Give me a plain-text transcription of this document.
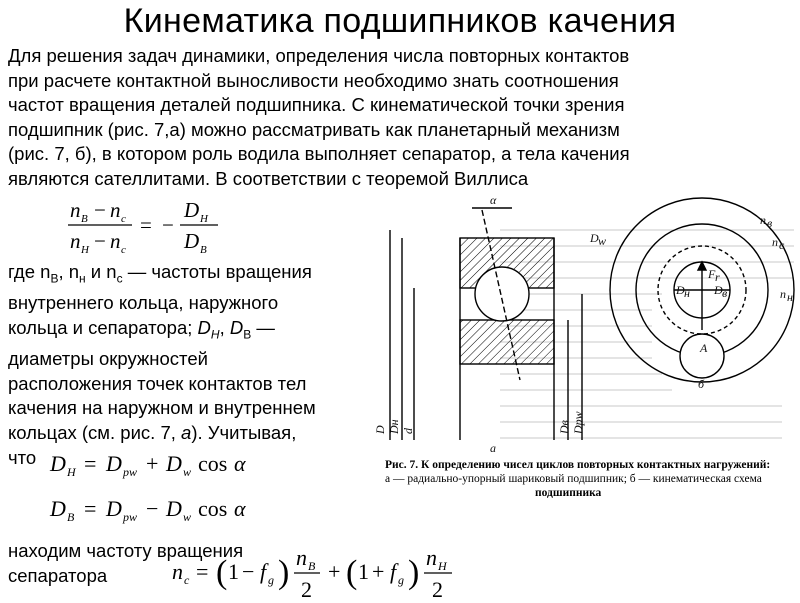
Кинематика подшипников качения
Для решения задач динамики, определения числа повторных контактов
при расчете контактной выносливости необходимо знать соотношения
частот вращения деталей подшипника. С кинематической точки зрения
подшипник (рис. 7,а) можно рассматривать как планетарный механизм
(рис. 7, б), в котором роль водила выполняет сепаратор, а тела качения
являются сателлитами. В соответствии с теоремой Виллиса
n B − n c
n H − n c
= −
D H
D B
где $n_B$, $n_н$ и $n_c$ — частоты вращения
внутреннего кольца, наружного
кольца и сепаратора; $D_H$, $D_B$ —
диаметры окружностей
расположения точек контактов тел
качения на наружном и внутреннем
кольцах (см. рис. 7, а). Учитывая,
что D H = D pw + D w cos α
D B = D pw − D w cos α
находим частоту вращения
сепаратора	n c = ( 1 − f g ) n B
2
+ ( 1 + f g ) n H
2
α
D w
F r
D н D в
A
n в
n c
n н
б
а
D Dн d	Dв Dpw
Рис. 7. К определению чисел циклов повторных контактных нагружений:
а — радиально-упорный шариковый подшипник; б — кинематическая схема
подшипника
